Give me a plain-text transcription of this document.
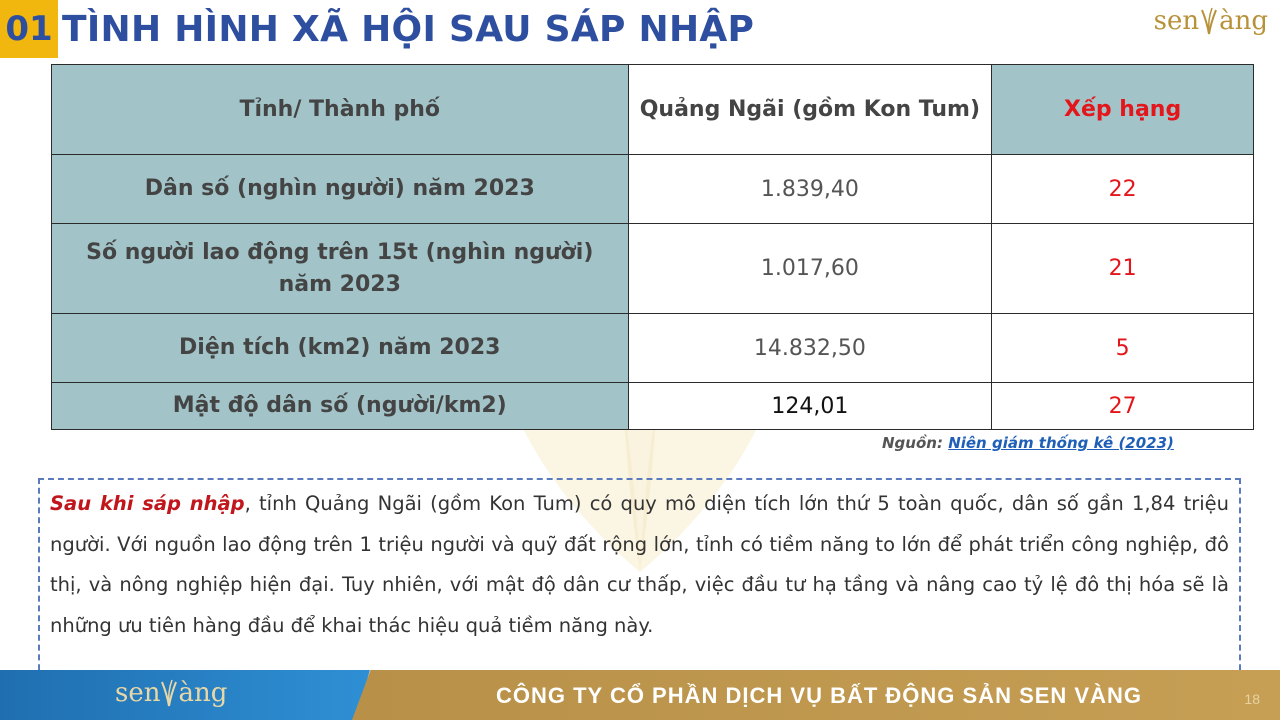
01 TÌNH HÌNH XÃ HỘI SAU SÁP NHẬP	sen àng
Tỉnh/ Thành phố	Quảng Ngãi (gồm Kon Tum)	Xếp hạng
Dân số (nghìn người) năm 2023	1.839,40	22
Số người lao động trên 15t (nghìn người) năm 2023	1.017,60	21
Diện tích (km2) năm 2023	14.832,50	5
Mật độ dân số (người/km2)	124,01	27
Nguồn: Niên giám thống kê (2023)

Sau khi sáp nhập, tỉnh Quảng Ngãi (gồm Kon Tum) có quy mô diện tích lớn thứ 5 toàn quốc, dân số gần 1,84 triệu người. Với nguồn lao động trên 1 triệu người và quỹ đất rộng lớn, tỉnh có tiềm năng to lớn để phát triển công nghiệp, đô thị, và nông nghiệp hiện đại. Tuy nhiên, với mật độ dân cư thấp, việc đầu tư hạ tầng và nâng cao tỷ lệ đô thị hóa sẽ là những ưu tiên hàng đầu để khai thác hiệu quả tiềm năng này.

sen àng	CÔNG TY CỔ PHẦN DỊCH VỤ BẤT ĐỘNG SẢN SEN VÀNG	18
